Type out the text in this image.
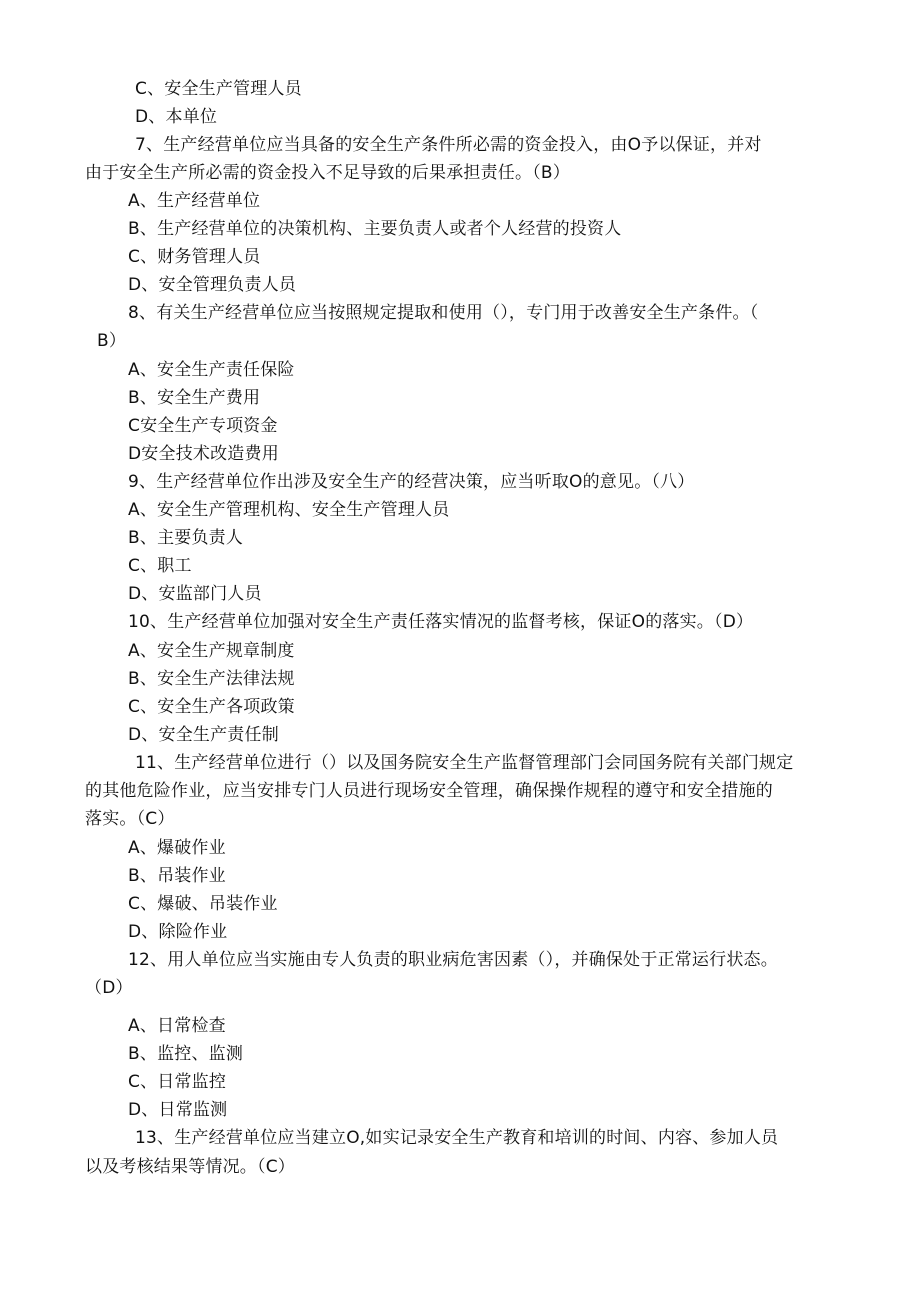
C、安全生产管理人员
D、本单位
7、生产经营单位应当具备的安全生产条件所必需的资金投入，由O予以保证，并对
由于安全生产所必需的资金投入不足导致的后果承担责任。（B）
A、生产经营单位
B、生产经营单位的决策机构、主要负责人或者个人经营的投资人
C、财务管理人员
D、安全管理负责人员
8、有关生产经营单位应当按照规定提取和使用（），专门用于改善安全生产条件。（
B）
A、安全生产责任保险
B、安全生产费用
C安全生产专项资金
D安全技术改造费用
9、生产经营单位作出涉及安全生产的经营决策，应当听取O的意见。（八）
A、安全生产管理机构、安全生产管理人员
B、主要负责人
C、职工
D、安监部门人员
10、生产经营单位加强对安全生产责任落实情况的监督考核，保证O的落实。（D）
A、安全生产规章制度
B、安全生产法律法规
C、安全生产各项政策
D、安全生产责任制
11、生产经营单位进行（）以及国务院安全生产监督管理部门会同国务院有关部门规定
的其他危险作业，应当安排专门人员进行现场安全管理，确保操作规程的遵守和安全措施的
落实。（C）
A、爆破作业
B、吊装作业
C、爆破、吊装作业
D、除险作业
12、用人单位应当实施由专人负责的职业病危害因素（），并确保处于正常运行状态。
（D）
A、日常检查
B、监控、监测
C、日常监控
D、日常监测
13、生产经营单位应当建立O,如实记录安全生产教育和培训的时间、内容、参加人员
以及考核结果等情况。（C）
